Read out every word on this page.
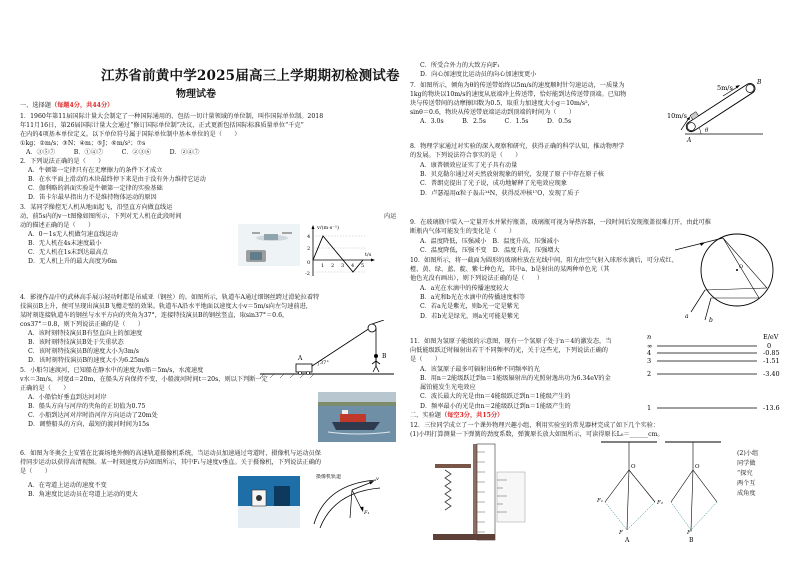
江苏省前黄中学2025届高三上学期期初检测试卷
物理试卷
一、选择题（每题4分，共44分）
1．1960年第11届国际计量大会制定了一种国际通用的、包括一切计量领域的单位制，叫作国际单位制。2018
年11月16日，第26届国际计量大会通过“修订国际单位制”决议，正式更新包括国际标准质量单位“千克”
在内的4项基本单位定义。以下单位符号属于国际单位制中基本单位的是（　　）
①kg；②m/s；③N；④m；⑤J；⑥m/s²；⑦s
A．③⑤⑦　　　B．①④⑦　　　C．②③⑥　　　D．②④⑦
2．下列说法正确的是（　　）
A．牛顿第一定律只有在无摩擦力的条件下才成立
B．在水平面上滑动的木块最终停下来是由于没有外力维持它运动
C．伽利略的斜面实验是牛顿第一定律的实验基础
D．笛卡尔最早指出力不是维持物体运动的原因
3．某同学操控无人机从地面起飞，沿竖直方向做直线运
动，前5s内的v－t图像如图所示，下列对无人机在此段时间	内运
动的描述正确的是（　　）
A．0～1s无人机做匀速直线运动
B．无人机在4s末速度最小
C．无人机在1s末到达最高点
D．无人机上升的最大高度为6m
v/(m·s⁻¹)
t/s
4
2
0
-2
1 2 3 4 5
4．影视作品中的武林高手展示轻功时都是吊威亚（钢丝）的。如图所示，轨道车A通过细钢丝跨过滑轮拉着特
技演员B上升，便可呈现出演员B飞檐走壁的效果。轨道车A沿水平地面以速度大小v＝5m/s向左匀速前进，
某时刻连接轨道车的钢丝与水平方向的夹角为37°，连接特技演员B的钢丝竖直，取sin37°＝0.6，
cos37°＝0.8，则下列说法正确的是（　　）
A．该时刻特技演员B有竖直向上的加速度
B．该时刻特技演员B处于失重状态
C．该时刻特技演员B的速度大小为3m/s
D．该时刻特技演员B的速度大小为6.25m/s	A	B
37°
5．小船匀速渡河，已知船在静水中的速度为v船＝5m/s，水流速度
v水＝3m/s，河宽d＝20m，在船头方向保持不变，小船渡河时间t＝20s，则以下判断一定
正确的是（　　）
A．小船恰好垂直到达河对岸
B．船头方向与河岸的夹角的正切值为0.75
C．小船到达河对岸时沿河岸方向运动了20m处
D．调整船头的方向，最短的渡河时间为15s
6．如图为冬奥会上安置在比赛场地外侧的高速轨道摄像机系统，当运动员加速通过弯道时，摄像机与运动员保
持同步运动以获得高清视频。某一时刻速度方向如图所示，其中F₁与速度v垂直。关于摄像机，下列说法正确的
是（　　）
A．在弯道上运动的速度不变
B．角速度比运动员在弯道上运动的更大
摄像机轨道	v
F₁
C．所受合外力的大致方向F₁
D．向心加速度比运动员的向心加速度更小
7．如图所示，倾角为θ的传送带始终以5m/s的速度顺时针匀速运动，一质量为
1kg的物块以10m/s的速度从底端冲上传送带，恰好能到达传送带顶端。已知物
块与传送带间的动摩擦因数为0.5，取重力加速度大小g＝10m/s²，
sinθ＝0.6，物块从传送带底端运动到顶端的时间为（　　）
A．3.0s　　　B．2.5s　　　C．1.5s　　　D．0.5s
5m/s
10m/s
A
B
θ
8．物理学家通过对实验的深入观察和研究，获得正确的科学认知，推动物理学
的发展。下列说法符合事实的是（　　）
A．康普顿效应证实了光子具有动量
B．贝克勒尔通过对天然放射现象的研究，发现了原子中存在原子核
C．普朗克提出了光子说，成功地解释了光电效应现象
D．卢瑟福用α粒子轰击¹⁴N，获得反冲核¹⁷O，发现了质子
9．在玻璃瓶中装入一定量开水并紧拧瓶盖，玻璃瓶可视为导热容器，一段时间后发现瓶盖很难打开，由此可推
断瓶内气体可能发生的变化是（　　）
A．温度降低，压强减小　B．温度升高，压强减小
C．温度降低，压强不变　D．温度升高，压强增大
10．如图所示，将一截面为圆形的玻璃柱放在光线中间，阳光由空气射入球形水滴后，可分成红、
橙、黄、绿、蓝、靛、紫七种色光，其中a、b是射出的某两种单色光（其
他色光没有画出），则下列说法正确的是（　　）
A．a光在水滴中的传播速度较大
B．a光和b光在水滴中的传播速度相等
C．若a光是紫光，则b光一定是紫光
D．若b光是绿光，则a光可能是紫光	a
b
O
11．如图为氢原子能级的示意图，现有一个氢原子处于n＝4的激发态，当
向低能级跃迁时辐射出若干不同频率的光，关于这些光，下列说法正确的
是（　　）
A．该氢原子最多可辐射出6种不同频率的光
B．用n＝2能级跃迁到n＝1能级辐射出的光照射逸出功为6.34eV的金
属铂能发生光电效应
C．波长最大的光是由n＝4能级跃迁到n＝1能级产生的
D．频率最小的光是由n＝2能级跃迁到n＝1能级产生的
n	E/eV
∞	0
4	-0.85
3	-1.51
2	-3.40
1	-13.6
二、实验题（每空3分，共15分）
12．三位同学成立了一个课外物理兴趣小组，利用实验室的常见器材完成了如下几个实验：
(1)小明打算测量一下弹簧的劲度系数，弹簧原长放大如图所示，可读得原长L₀＝______cm。
O	O
F₁	F₂
F	F'
A	B
(2)小组
同学做
“探究
两个互
成角度
